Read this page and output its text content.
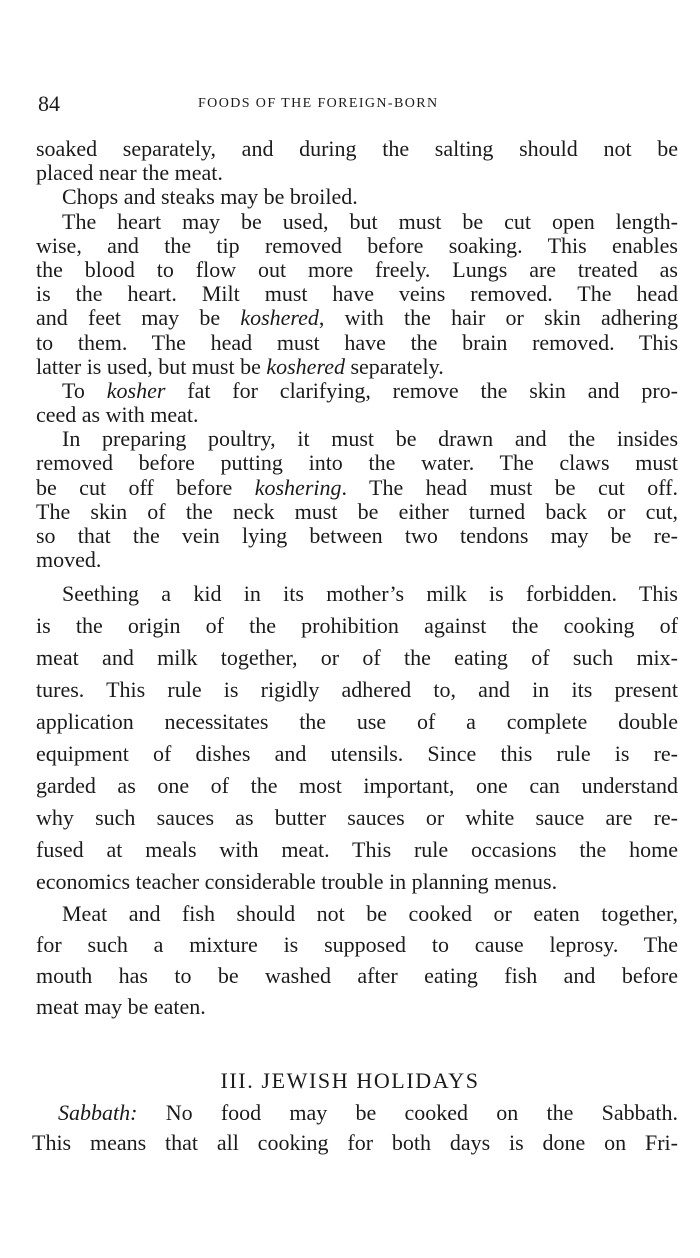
84	FOODS OF THE FOREIGN-BORN
soaked separately, and during the salting should not be
placed near the meat.
Chops and steaks may be broiled.
The heart may be used, but must be cut open length-
wise, and the tip removed before soaking. This enables
the blood to flow out more freely. Lungs are treated as
is the heart. Milt must have veins removed. The head
and feet may be koshered, with the hair or skin adhering
to them. The head must have the brain removed. This
latter is used, but must be koshered separately.
To kosher fat for clarifying, remove the skin and pro-
ceed as with meat.
In preparing poultry, it must be drawn and the insides
removed before putting into the water. The claws must
be cut off before koshering. The head must be cut off.
The skin of the neck must be either turned back or cut,
so that the vein lying between two tendons may be re-
moved.
Seething a kid in its mother’s milk is forbidden. This
is the origin of the prohibition against the cooking of
meat and milk together, or of the eating of such mix-
tures. This rule is rigidly adhered to, and in its present
application necessitates the use of a complete double
equipment of dishes and utensils. Since this rule is re-
garded as one of the most important, one can understand
why such sauces as butter sauces or white sauce are re-
fused at meals with meat. This rule occasions the home
economics teacher considerable trouble in planning menus.
Meat and fish should not be cooked or eaten together,
for such a mixture is supposed to cause leprosy. The
mouth has to be washed after eating fish and before
meat may be eaten.
III. JEWISH HOLIDAYS
Sabbath: No food may be cooked on the Sabbath.
This means that all cooking for both days is done on Fri-
